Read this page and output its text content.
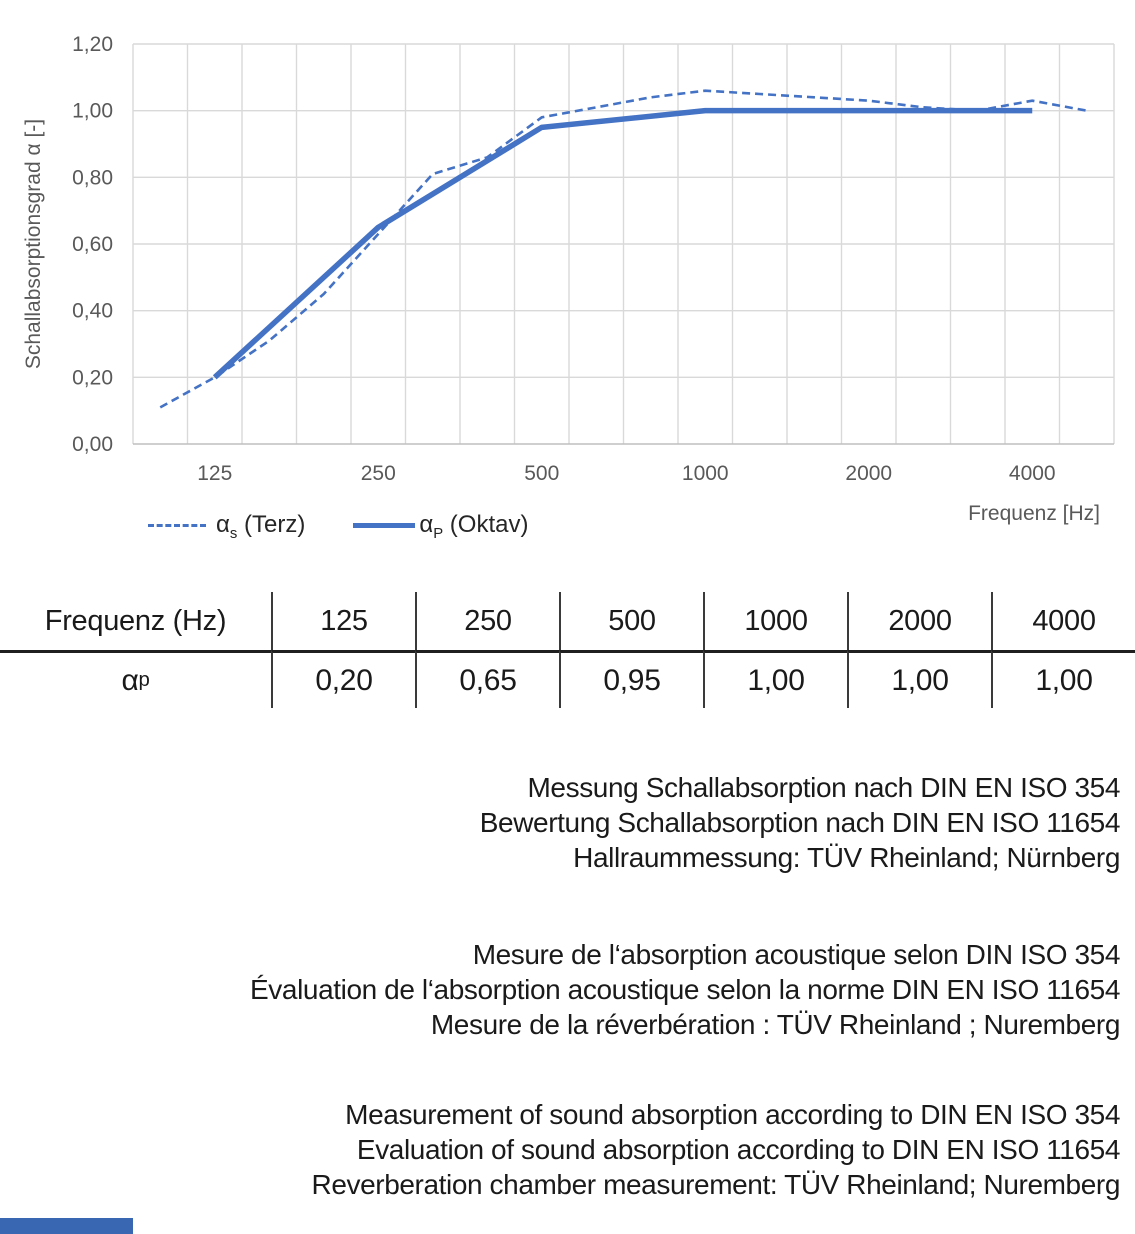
0,00
0,20
0,40
0,60
0,80
1,00
1,20
125	250	500	1000	2000	4000
Schallabsorptionsgrad α [-]
$\alpha_s$ (Terz)	$\alpha_P$ (Oktav)	Frequenz [Hz]
Frequenz (Hz)	125	250	500	1000	2000	4000
α p	0,20	0,65	0,95	1,00	1,00	1,00
Messung Schallabsorption nach DIN EN ISO 354
Bewertung Schallabsorption nach DIN EN ISO 11654
Hallraummessung: TÜV Rheinland; Nürnberg
Mesure de l‘absorption acoustique selon DIN ISO 354
Évaluation de l‘absorption acoustique selon la norme DIN EN ISO 11654
Mesure de la réverbération : TÜV Rheinland ; Nuremberg
Measurement of sound absorption according to DIN EN ISO 354
Evaluation of sound absorption according to DIN EN ISO 11654
Reverberation chamber measurement: TÜV Rheinland; Nuremberg
